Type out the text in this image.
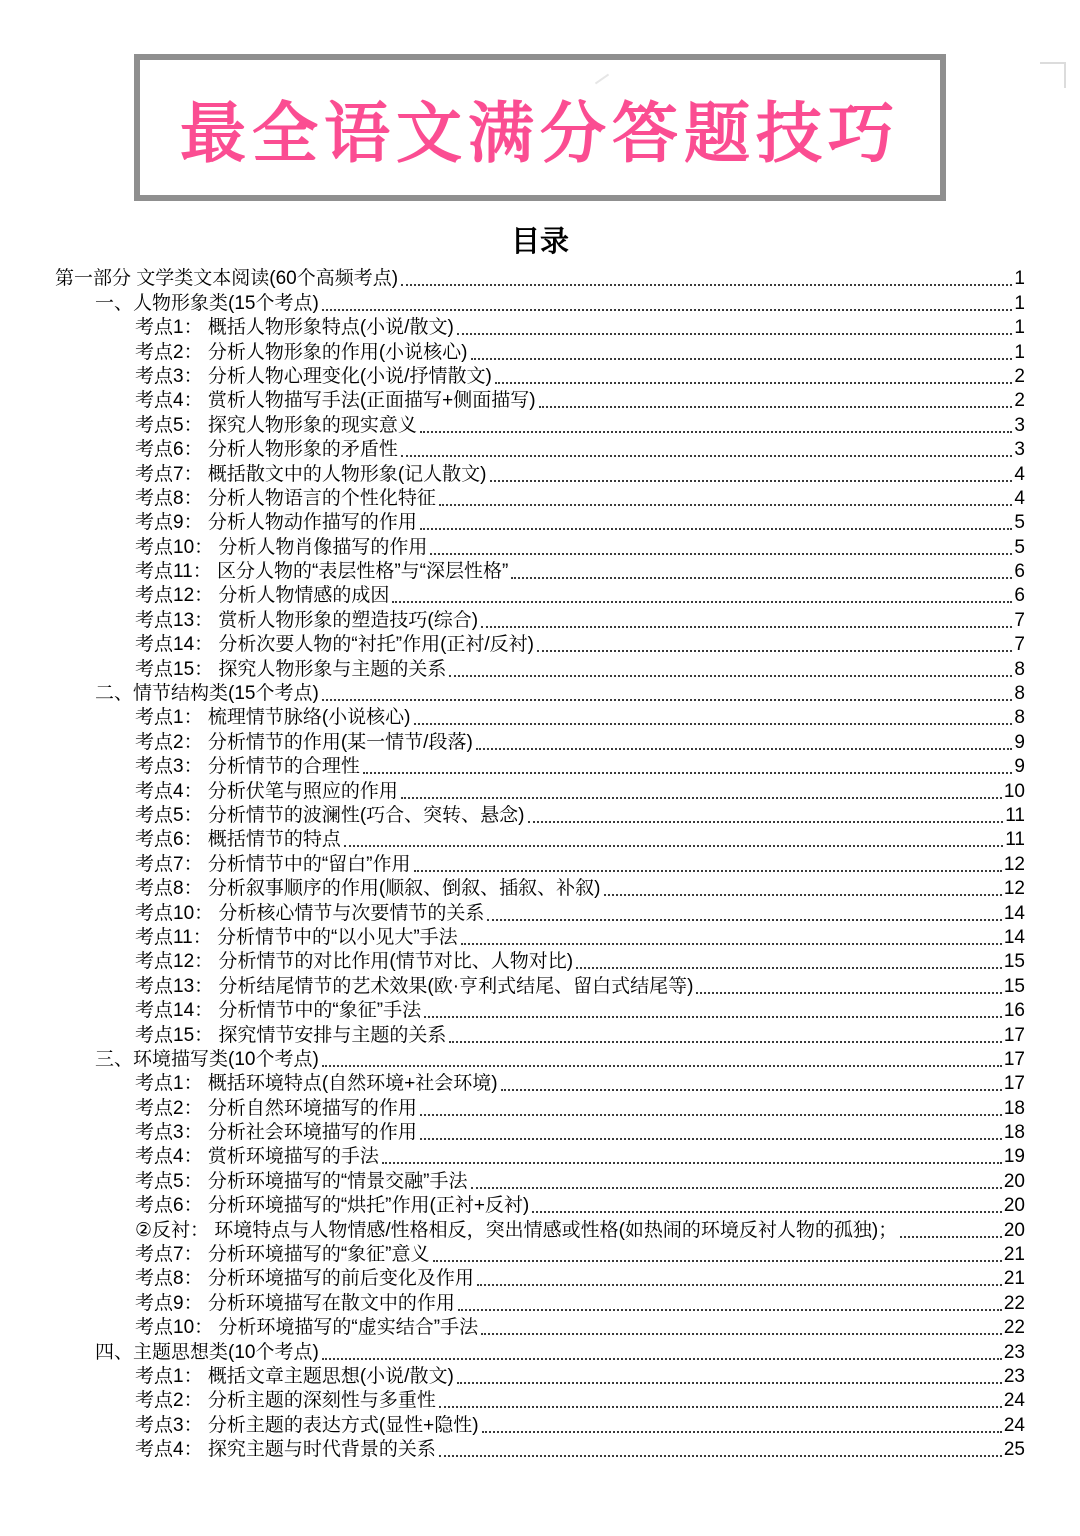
最全语文满分答题技巧
目录
第一部分 文学类文本阅读(60个高频考点)	1
一、人物形象类(15个考点)	1
考点1： 概括人物形象特点(小说/散文)	1
考点2： 分析人物形象的作用(小说核心)	1
考点3： 分析人物心理变化(小说/抒情散文)	2
考点4： 赏析人物描写手法(正面描写+侧面描写)	2
考点5： 探究人物形象的现实意义	3
考点6： 分析人物形象的矛盾性	3
考点7： 概括散文中的人物形象(记人散文)	4
考点8： 分析人物语言的个性化特征	4
考点9： 分析人物动作描写的作用	5
考点10： 分析人物肖像描写的作用	5
考点11： 区分人物的“表层性格”与“深层性格”	6
考点12： 分析人物情感的成因	6
考点13： 赏析人物形象的塑造技巧(综合)	7
考点14： 分析次要人物的“衬托”作用(正衬/反衬)	7
考点15： 探究人物形象与主题的关系	8
二、情节结构类(15个考点)	8
考点1： 梳理情节脉络(小说核心)	8
考点2： 分析情节的作用(某一情节/段落)	9
考点3： 分析情节的合理性	9
考点4： 分析伏笔与照应的作用	10
考点5： 分析情节的波澜性(巧合、突转、悬念)	11
考点6： 概括情节的特点	11
考点7： 分析情节中的“留白”作用	12
考点8： 分析叙事顺序的作用(顺叙、倒叙、插叙、补叙)	12
考点10： 分析核心情节与次要情节的关系	14
考点11： 分析情节中的“以小见大”手法	14
考点12： 分析情节的对比作用(情节对比、人物对比)	15
考点13： 分析结尾情节的艺术效果(欧·亨利式结尾、留白式结尾等)	15
考点14： 分析情节中的“象征”手法	16
考点15： 探究情节安排与主题的关系	17
三、环境描写类(10个考点)	17
考点1： 概括环境特点(自然环境+社会环境)	17
考点2： 分析自然环境描写的作用	18
考点3： 分析社会环境描写的作用	18
考点4： 赏析环境描写的手法	19
考点5： 分析环境描写的“情景交融”手法	20
考点6： 分析环境描写的“烘托”作用(正衬+反衬)	20
②反衬： 环境特点与人物情感/性格相反，突出情感或性格(如热闹的环境反衬人物的孤独)；	20
考点7： 分析环境描写的“象征”意义	21
考点8： 分析环境描写的前后变化及作用	21
考点9： 分析环境描写在散文中的作用	22
考点10： 分析环境描写的“虚实结合”手法	22
四、主题思想类(10个考点)	23
考点1： 概括文章主题思想(小说/散文)	23
考点2： 分析主题的深刻性与多重性	24
考点3： 分析主题的表达方式(显性+隐性)	24
考点4： 探究主题与时代背景的关系	25
